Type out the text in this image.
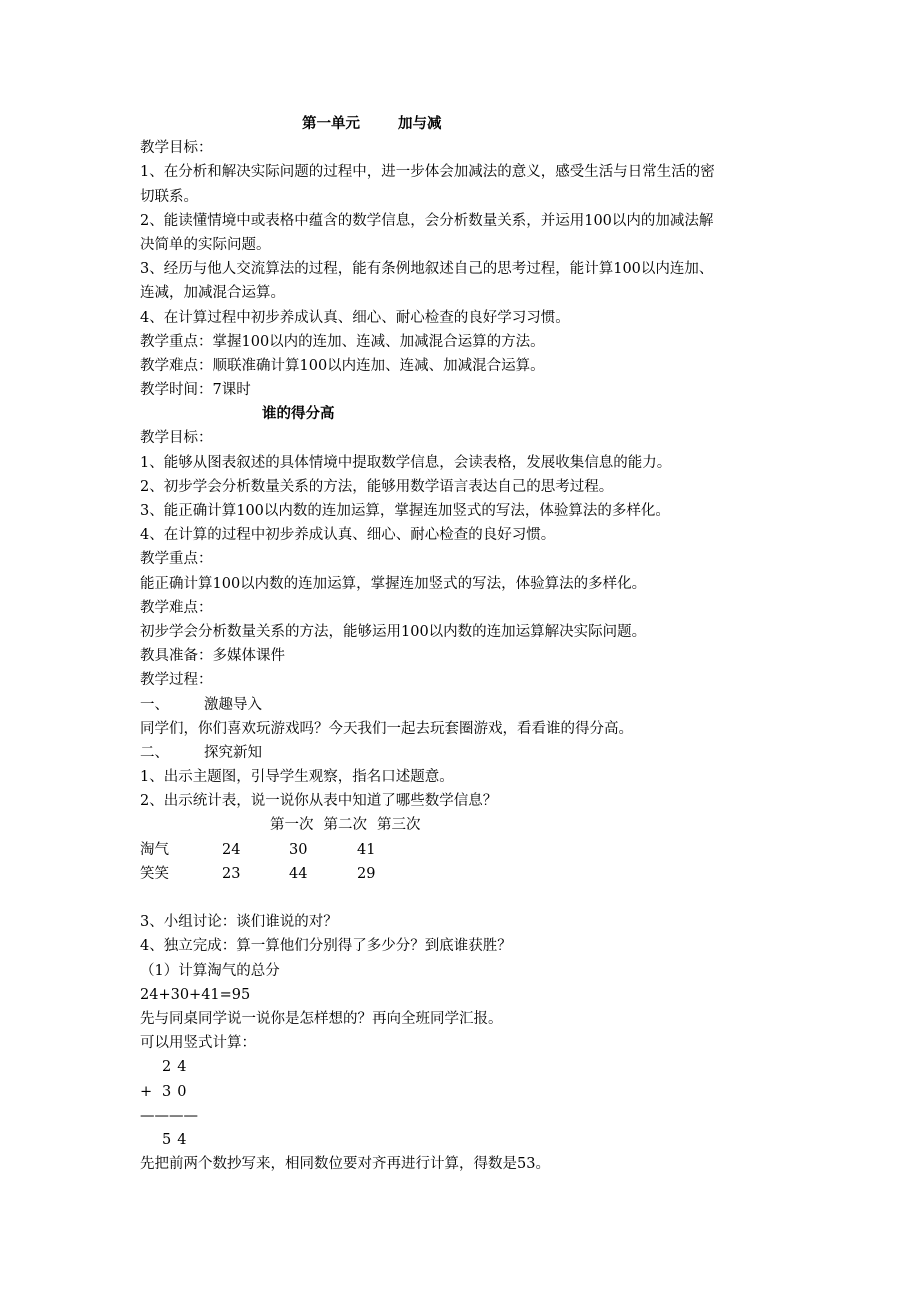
第一单元	加与减
教学目标：
1、在分析和解决实际问题的过程中，进一步体会加减法的意义，感受生活与日常生活的密
切联系。
2、能读懂情境中或表格中蕴含的数学信息，会分析数量关系，并运用100以内的加减法解
决简单的实际问题。
3、经历与他人交流算法的过程，能有条例地叙述自己的思考过程，能计算100以内连加、
连减，加减混合运算。
4、在计算过程中初步养成认真、细心、耐心检查的良好学习习惯。
教学重点：掌握100以内的连加、连减、加减混合运算的方法。
教学难点：顺联准确计算100以内连加、连减、加减混合运算。
教学时间：7课时
谁的得分高
教学目标：
1、能够从图表叙述的具体情境中提取数学信息，会读表格，发展收集信息的能力。
2、初步学会分析数量关系的方法，能够用数学语言表达自己的思考过程。
3、能正确计算100以内数的连加运算，掌握连加竖式的写法，体验算法的多样化。
4、在计算的过程中初步养成认真、细心、耐心检查的良好习惯。
教学重点：
能正确计算100以内数的连加运算，掌握连加竖式的写法，体验算法的多样化。
教学难点：
初步学会分析数量关系的方法，能够运用100以内数的连加运算解决实际问题。
教具准备：多媒体课件
教学过程：
一、	激趣导入
同学们，你们喜欢玩游戏吗？今天我们一起去玩套圈游戏，看看谁的得分高。
二、	探究新知
1、出示主题图，引导学生观察，指名口述题意。
2、出示统计表，说一说你从表中知道了哪些数学信息？
第一次 第二次 第三次
淘气	24	30	41
笑笑	23	44	29
3、小组讨论：谈们谁说的对？
4、独立完成：算一算他们分别得了多少分？到底谁获胜？
（1）计算淘气的总分
24+30+41=95
先与同桌同学说一说你是怎样想的？再向全班同学汇报。
可以用竖式计算：
24
+ 30
————
54
先把前两个数抄写来，相同数位要对齐再进行计算，得数是53。
